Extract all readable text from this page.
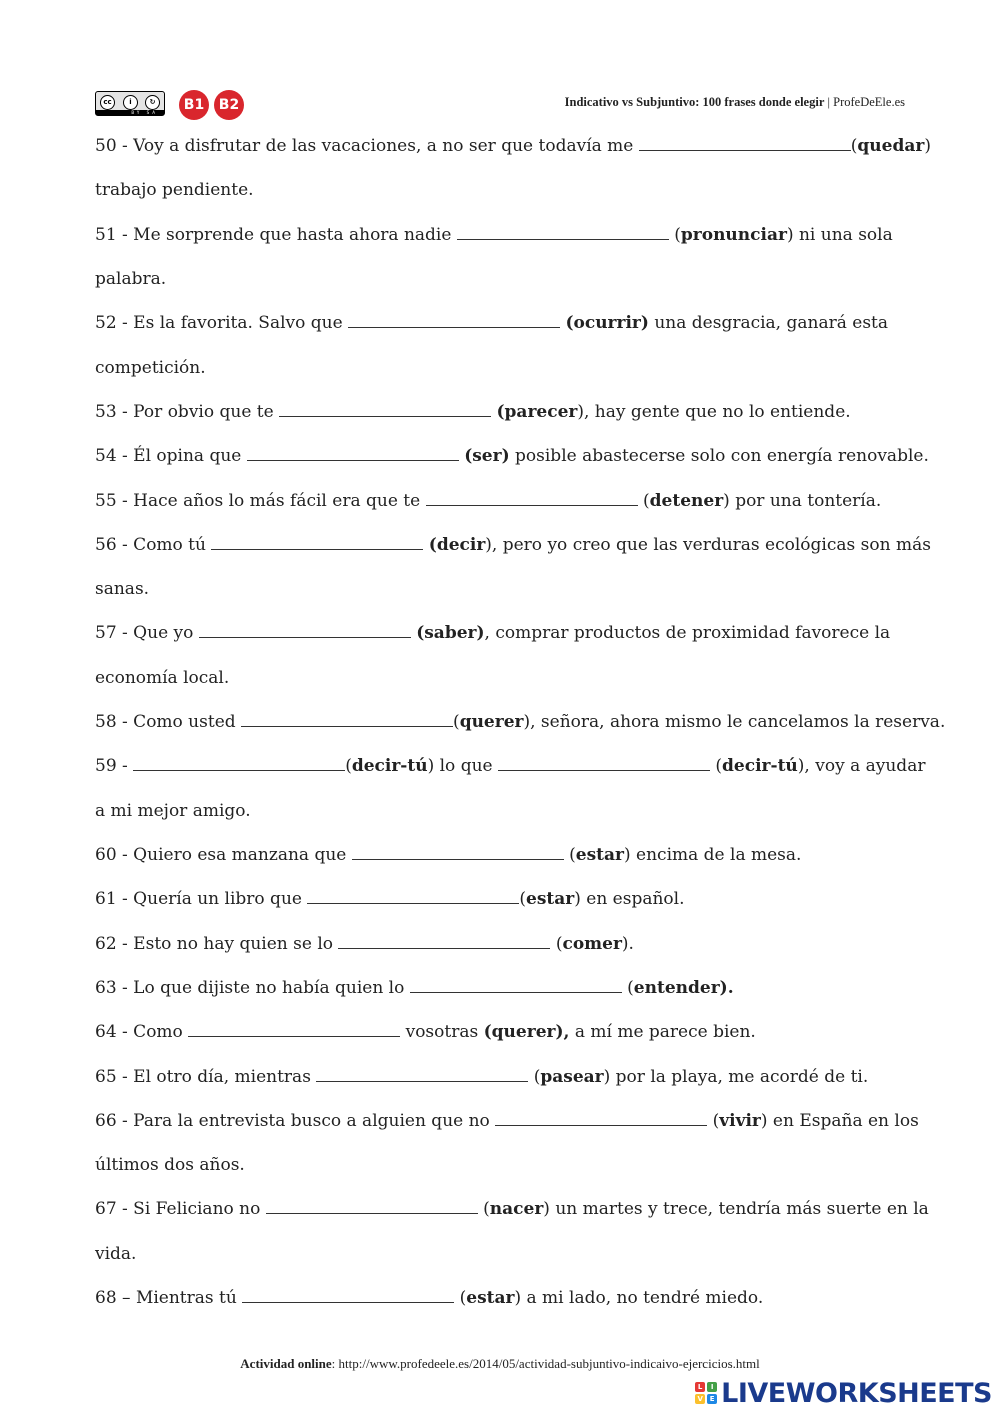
cc	i	↻
BY SA	B1	B2	Indicativo vs Subjuntivo: 100 frases donde elegir | ProfeDeEle.es
50 - Voy a disfrutar de las vacaciones, a no ser que todavía me	(quedar)
trabajo pendiente.
51 - Me sorprende que hasta ahora nadie	(pronunciar) ni una sola
palabra.
52 - Es la favorita. Salvo que	(ocurrir) una desgracia, ganará esta
competición.
53 - Por obvio que te	(parecer), hay gente que no lo entiende.
54 - Él opina que	(ser) posible abastecerse solo con energía renovable.
55 - Hace años lo más fácil era que te	(detener) por una tontería.
56 - Como tú	(decir), pero yo creo que las verduras ecológicas son más
sanas.
57 - Que yo	(saber), comprar productos de proximidad favorece la
economía local.
58 - Como usted	(querer), señora, ahora mismo le cancelamos la reserva.
59 -	(decir-tú) lo que	(decir-tú), voy a ayudar
a mi mejor amigo.
60 - Quiero esa manzana que	(estar) encima de la mesa.
61 - Quería un libro que	(estar) en español.
62 - Esto no hay quien se lo	(comer).
63 - Lo que dijiste no había quien lo	(entender).
64 - Como	vosotras (querer), a mí me parece bien.
65 - El otro día, mientras	(pasear) por la playa, me acordé de ti.
66 - Para la entrevista busco a alguien que no	(vivir) en España en los
últimos dos años.
67 - Si Feliciano no	(nacer) un martes y trece, tendría más suerte en la
vida.
68 – Mientras tú	(estar) a mi lado, no tendré miedo.
Actividad online: http://www.profedeele.es/2014/05/actividad-subjuntivo-indicaivo-ejercicios.html
L	I
V E LIVEWORKSHEETS
